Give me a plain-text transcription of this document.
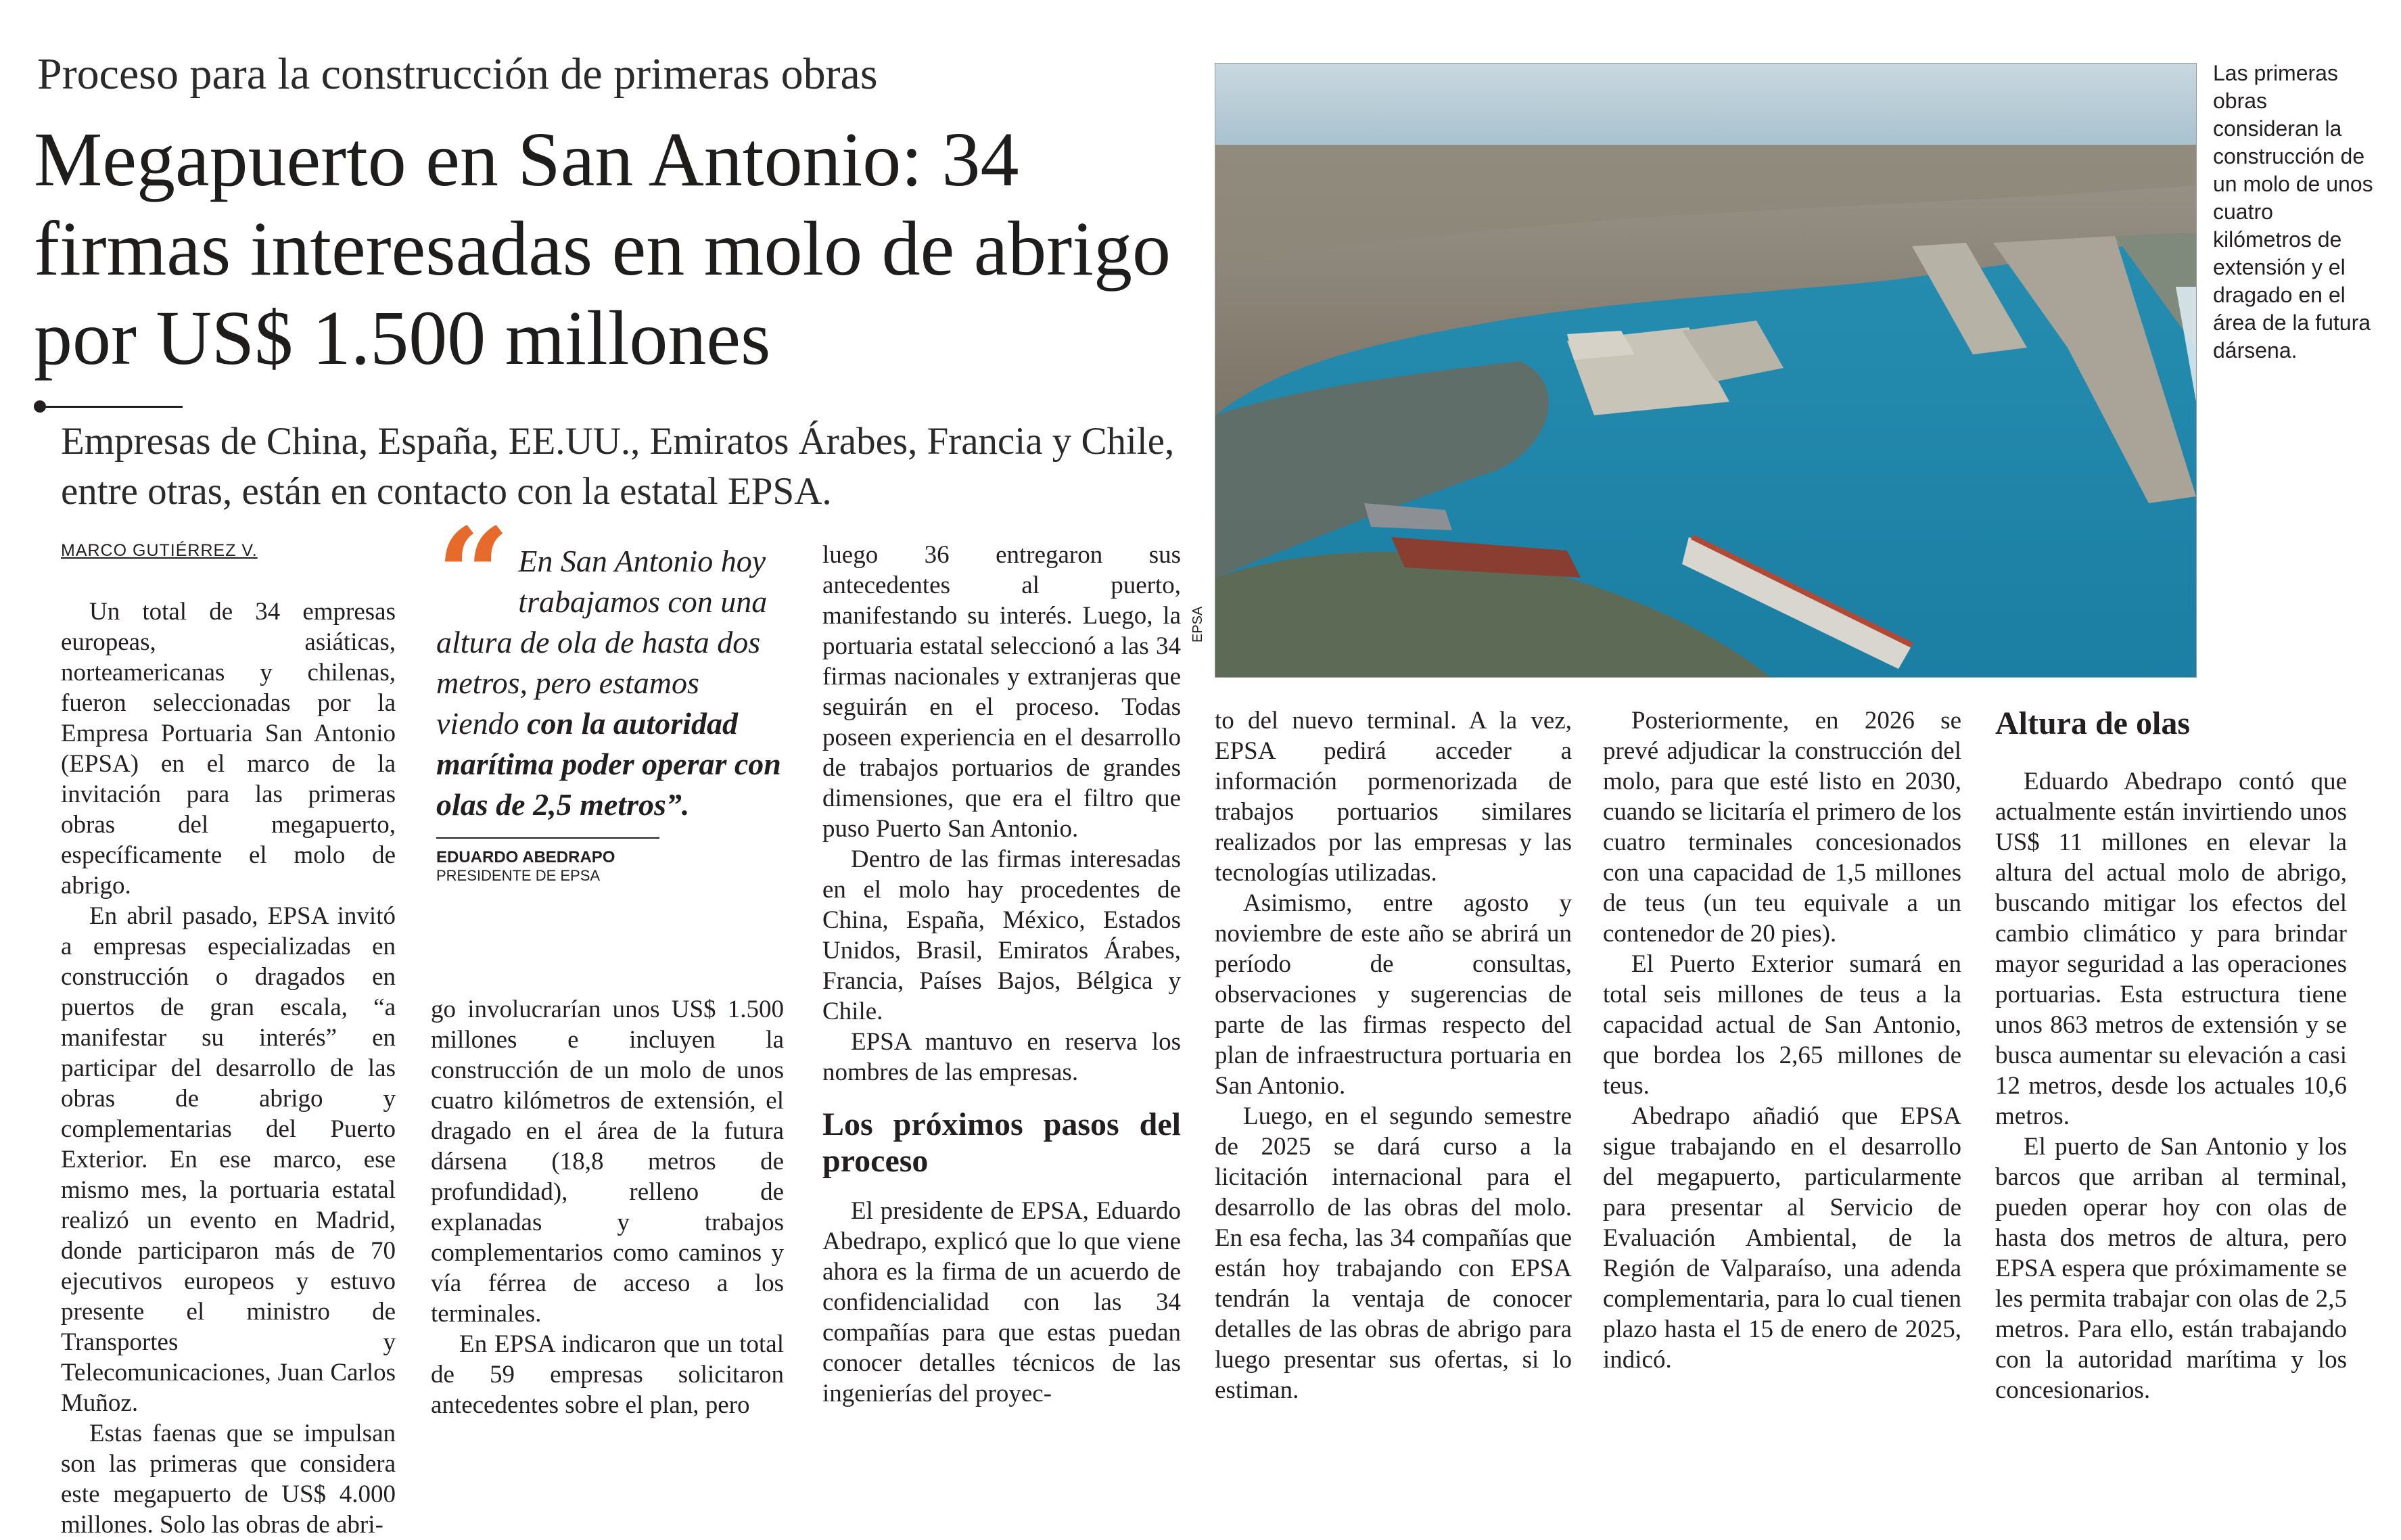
Proceso para la construcción de primeras obras
Megapuerto en San Antonio: 34 firmas interesadas en molo de abrigo por US$ 1.500 millones
Empresas de China, España, EE.UU., Emiratos Árabes, Francia y Chile, entre otras, están en contacto con la estatal EPSA.
MARCO GUTIÉRREZ V.

Un total de 34 empresas europeas, asiáticas, norteamericanas y chilenas, fueron seleccionadas por la Empresa Portuaria San Antonio (EPSA) en el marco de la invitación para las primeras obras del megapuerto, específicamente el molo de abrigo.

En abril pasado, EPSA invitó a empresas especializadas en construcción o dragados en puertos de gran escala, “a manifestar su interés” en participar del desarrollo de las obras de abrigo y complementarias del Puerto Exterior. En ese marco, ese mismo mes, la portuaria estatal realizó un evento en Madrid, donde participaron más de 70 ejecutivos europeos y estuvo presente el ministro de Transportes y Telecomunicaciones, Juan Carlos Muñoz.

Estas faenas que se impulsan son las primeras que considera este megapuerto de US$ 4.000 millones. Solo las obras de abri-

“ En San Antonio hoy trabajamos con una altura de ola de hasta dos metros, pero estamos viendo con la autoridad marítima poder operar con olas de 2,5 metros”.
EDUARDO ABEDRAPO
PRESIDENTE DE EPSA

go involucrarían unos US$ 1.500 millones e incluyen la construcción de un molo de unos cuatro kilómetros de extensión, el dragado en el área de la futura dársena (18,8 metros de profundidad), relleno de explanadas y trabajos complementarios como caminos y vía férrea de acceso a los terminales.

En EPSA indicaron que un total de 59 empresas solicitaron antecedentes sobre el plan, pero

luego 36 entregaron sus antecedentes al puerto, manifestando su interés. Luego, la portuaria estatal seleccionó a las 34 firmas nacionales y extranjeras que seguirán en el proceso. Todas poseen experiencia en el desarrollo de trabajos portuarios de grandes dimensiones, que era el filtro que puso Puerto San Antonio.

Dentro de las firmas interesadas en el molo hay procedentes de China, España, México, Estados Unidos, Brasil, Emiratos Árabes, Francia, Países Bajos, Bélgica y Chile.

EPSA mantuvo en reserva los nombres de las empresas.

Los próximos pasos del proceso

El presidente de EPSA, Eduardo Abedrapo, explicó que lo que viene ahora es la firma de un acuerdo de confidencialidad con las 34 compañías para que estas puedan conocer detalles técnicos de las ingenierías del proyec-

EPSA
Las primeras obras consideran la construcción de un molo de unos cuatro kilómetros de extensión y el dragado en el área de la futura dársena.

to del nuevo terminal. A la vez, EPSA pedirá acceder a información pormenorizada de trabajos portuarios similares realizados por las empresas y las tecnologías utilizadas.

Asimismo, entre agosto y noviembre de este año se abrirá un período de consultas, observaciones y sugerencias de parte de las firmas respecto del plan de infraestructura portuaria en San Antonio.

Luego, en el segundo semestre de 2025 se dará curso a la licitación internacional para el desarrollo de las obras del molo. En esa fecha, las 34 compañías que están hoy trabajando con EPSA tendrán la ventaja de conocer detalles de las obras de abrigo para luego presentar sus ofertas, si lo estiman.

Posteriormente, en 2026 se prevé adjudicar la construcción del molo, para que esté listo en 2030, cuando se licitaría el primero de los cuatro terminales concesionados con una capacidad de 1,5 millones de teus (un teu equivale a un contenedor de 20 pies).

El Puerto Exterior sumará en total seis millones de teus a la capacidad actual de San Antonio, que bordea los 2,65 millones de teus.

Abedrapo añadió que EPSA sigue trabajando en el desarrollo del megapuerto, particularmente para presentar al Servicio de Evaluación Ambiental, de la Región de Valparaíso, una adenda complementaria, para lo cual tienen plazo hasta el 15 de enero de 2025, indicó.

Altura de olas

Eduardo Abedrapo contó que actualmente están invirtiendo unos US$ 11 millones en elevar la altura del actual molo de abrigo, buscando mitigar los efectos del cambio climático y para brindar mayor seguridad a las operaciones portuarias. Esta estructura tiene unos 863 metros de extensión y se busca aumentar su elevación a casi 12 metros, desde los actuales 10,6 metros.

El puerto de San Antonio y los barcos que arriban al terminal, pueden operar hoy con olas de hasta dos metros de altura, pero EPSA espera que próximamente se les permita trabajar con olas de 2,5 metros. Para ello, están trabajando con la autoridad marítima y los concesionarios.
